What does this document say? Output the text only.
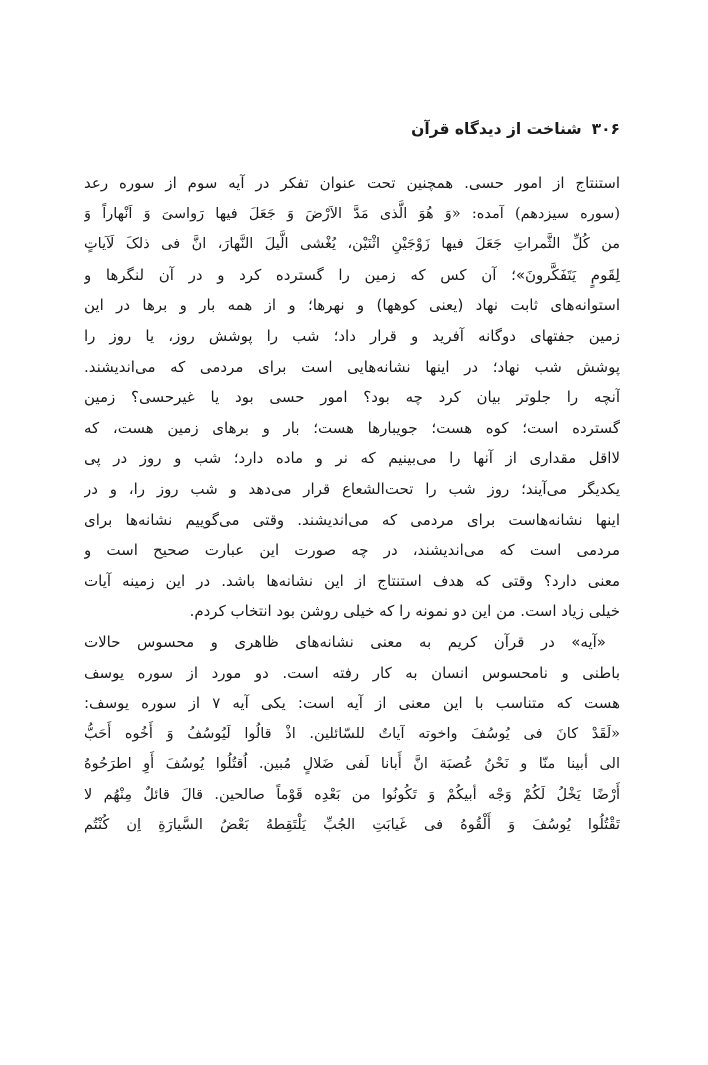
۳۰۶
شناخت از دیدگاه قرآن
استنتاج از امور حسی. همچنین تحت عنوان تفکر در آیه سوم از سوره رعد
(سوره سیزدهم) آمده: «وَ هُوَ الَّذی مَدَّ الاَرْضَ وَ جَعَلَ فیها رَواسیَ وَ اَنْهاراً وَ
من کُلِّ الثَّمراتِ جَعَلَ فیها زَوْجَیْنِ اثْنَیْن، یُغْشی الَّیلَ النَّهارَ، انَّ فی ذلکَ لَآیاتٍ
لِقَومٍ یَتَفَکَّرونَ»؛ آن کس که زمین را گسترده کرد و در آن لنگرها و
استوانه‌های ثابت نهاد (یعنی کوهها) و نهرها؛ و از همه بار و برها در این
زمین جفتهای دوگانه آفرید و قرار داد؛ شب را پوشش روز، یا روز را
پوشش شب نهاد؛ در اینها نشانه‌هایی است برای مردمی که می‌اندیشند.
آنچه را جلوتر بیان کرد چه بود؟ امور حسی بود یا غیرحسی؟ زمین
گسترده است؛ کوه هست؛ جویبارها هست؛ بار و برهای زمین هست، که
لااقل مقداری از آنها را می‌بینیم که نر و ماده دارد؛ شب و روز در پی
یکدیگر می‌آیند؛ روز شب را تحت‌الشعاع قرار می‌دهد و شب روز را، و در
اینها نشانه‌هاست برای مردمی که می‌اندیشند. وقتی می‌گوییم نشانه‌ها برای
مردمی است که می‌اندیشند، در چه صورت این عبارت صحیح است و
معنی دارد؟ وقتی که هدف استنتاج از این نشانه‌ها باشد. در این زمینه آیات
خیلی زیاد است. من این دو نمونه را که خیلی روشن بود انتخاب کردم.
«آیه» در قرآن کریم به معنی نشانه‌های ظاهری و محسوس حالات
باطنی و نامحسوس انسان به کار رفته است. دو مورد از سوره یوسف
هست که متناسب با این معنی از آیه است: یکی آیه ۷ از سوره یوسف:
«لَقَدْ کانَ فی یُوسُفَ واخوته آیاتٌ للسّائلین. اذْ قالُوا لَیُوسُفُ وَ أَخُوه أَحَبُّ
الی أبینا منّا و نَحْنُ عُصبَة انَّ أَبانا لَفی ضَلالٍ مُبین. اُقتُلُوا یُوسُفَ أَوِ اطرَحُوهُ
أَرْضًا یَخْلُ لَکُمْ وَجْه أبیکُمْ وَ تَکُونُوا من بَعْدِه قَوْماً صالحین. قالَ قائلٌ مِنْهُم لا
تَقْتُلُوا یُوسُفَ وَ أَلْقُوهُ فی غَیابَتِ الجُبِّ یَلْتَقِطهُ بَعْضُ السَّیارَةِ اِن کُنْتُم
